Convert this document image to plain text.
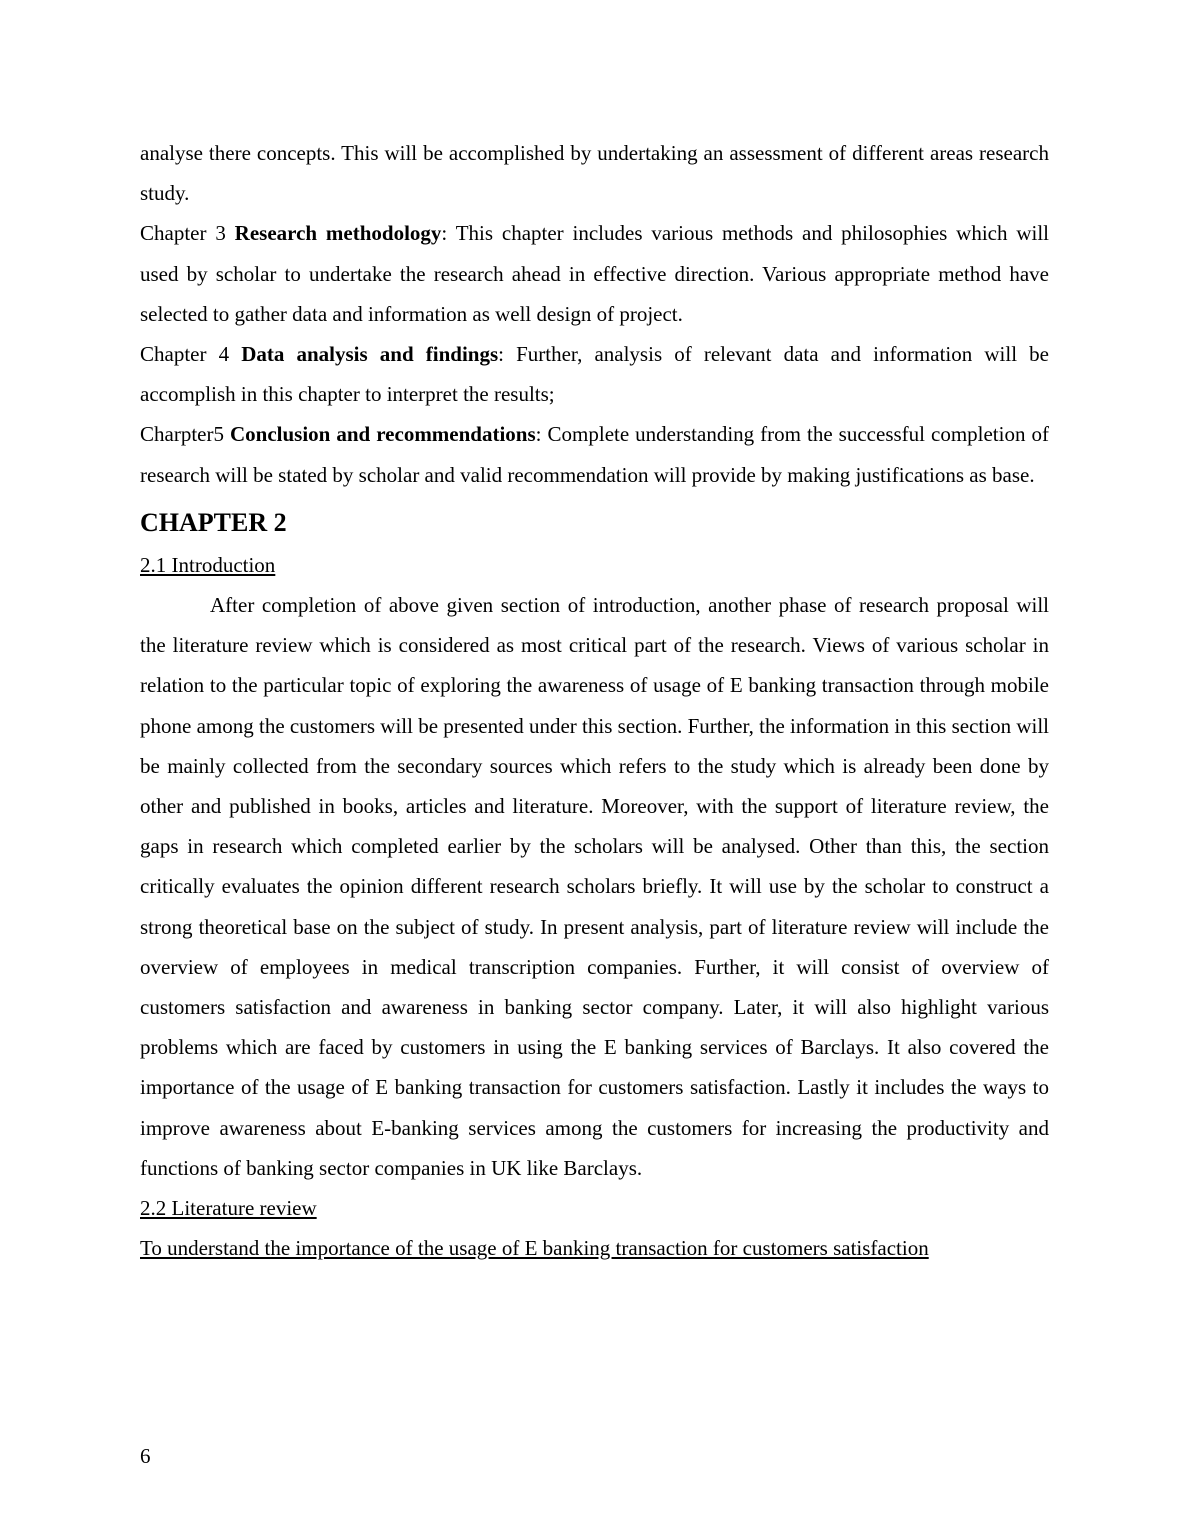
analyse there concepts. This will be accomplished by undertaking an assessment of different areas research study.

Chapter 3 Research methodology: This chapter includes various methods and philosophies which will used by scholar to undertake the research ahead in effective direction. Various appropriate method have selected to gather data and information as well design of project.

Chapter 4 Data analysis and findings: Further, analysis of relevant data and information will be accomplish in this chapter to interpret the results;

Charpter5 Conclusion and recommendations: Complete understanding from the successful completion of research will be stated by scholar and valid recommendation will provide by making justifications as base.

CHAPTER 2

2.1 Introduction

After completion of above given section of introduction, another phase of research proposal will the literature review which is considered as most critical part of the research. Views of various scholar in relation to the particular topic of exploring the awareness of usage of E banking transaction through mobile phone among the customers will be presented under this section. Further, the information in this section will be mainly collected from the secondary sources which refers to the study which is already been done by other and published in books, articles and literature. Moreover, with the support of literature review, the gaps in research which completed earlier by the scholars will be analysed. Other than this, the section critically evaluates the opinion different research scholars briefly. It will use by the scholar to construct a strong theoretical base on the subject of study. In present analysis, part of literature review will include the overview of employees in medical transcription companies. Further, it will consist of overview of customers satisfaction and awareness in banking sector company. Later, it will also highlight various problems which are faced by customers in using the E banking services of Barclays. It also covered the importance of the usage of E banking transaction for customers satisfaction. Lastly it includes the ways to improve awareness about E-banking services among the customers for increasing the productivity and functions of banking sector companies in UK like Barclays.

2.2 Literature review

To understand the importance of the usage of E banking transaction for customers satisfaction

6
